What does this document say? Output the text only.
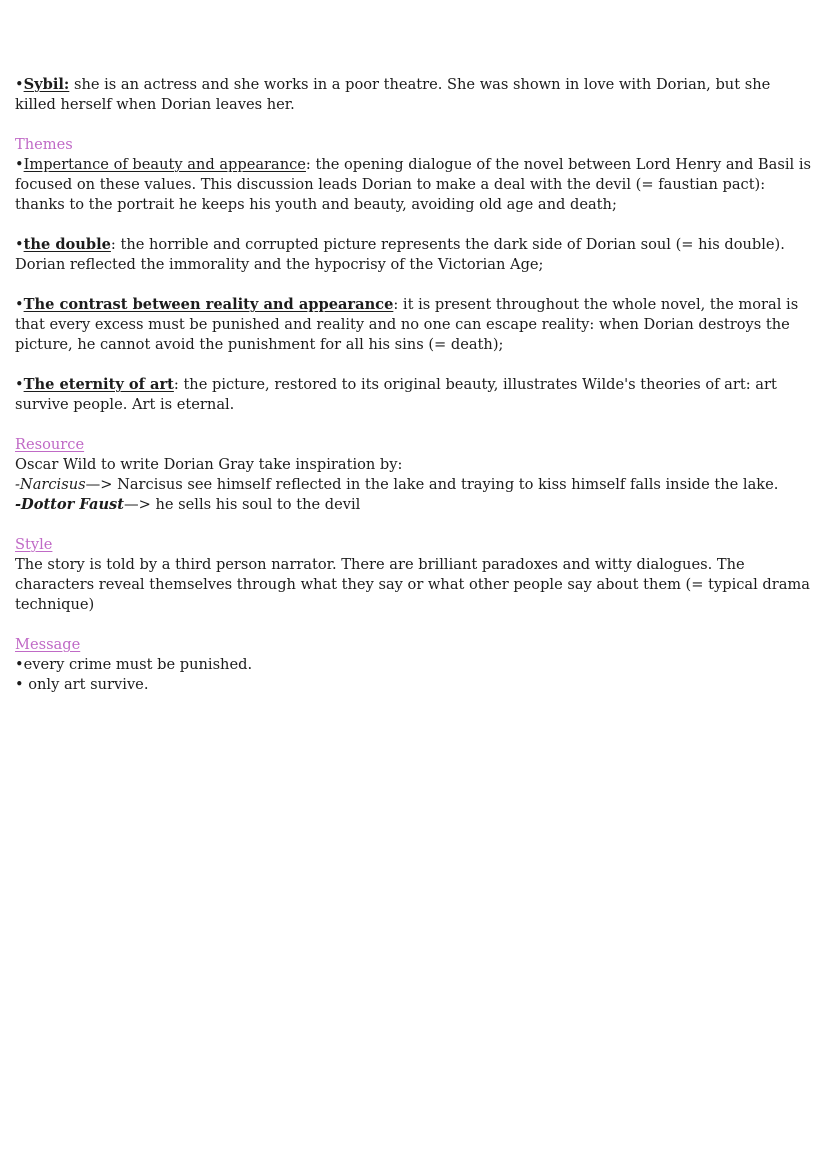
•Sybil: she is an actress and she works in a poor theatre. She was shown in love with Dorian, but she killed herself when Dorian leaves her.

Themes

•Impertance of beauty and appearance: the opening dialogue of the novel between Lord Henry and Basil is focused on these values. This discussion leads Dorian to make a deal with the devil (= faustian pact): thanks to the portrait he keeps his youth and beauty, avoiding old age and death;

•the double: the horrible and corrupted picture represents the dark side of Dorian soul (= his double). Dorian reflected the immorality and the hypocrisy of the Victorian Age;

•The contrast between reality and appearance: it is present throughout the whole novel, the moral is that every excess must be punished and reality and no one can escape reality: when Dorian destroys the picture, he cannot avoid the punishment for all his sins (= death);

•The eternity of art: the picture, restored to its original beauty, illustrates Wilde's theories of art: art survive people. Art is eternal.

Resource

Oscar Wild to write Dorian Gray take inspiration by:

-Narcisus—> Narcisus see himself reflected in the lake and traying to kiss himself falls inside the lake.

-Dottor Faust—> he sells his soul to the devil

Style

The story is told by a third person narrator. There are brilliant paradoxes and witty dialogues. The characters reveal themselves through what they say or what other people say about them (= typical drama technique)

Message

•every crime must be punished.

• only art survive.
